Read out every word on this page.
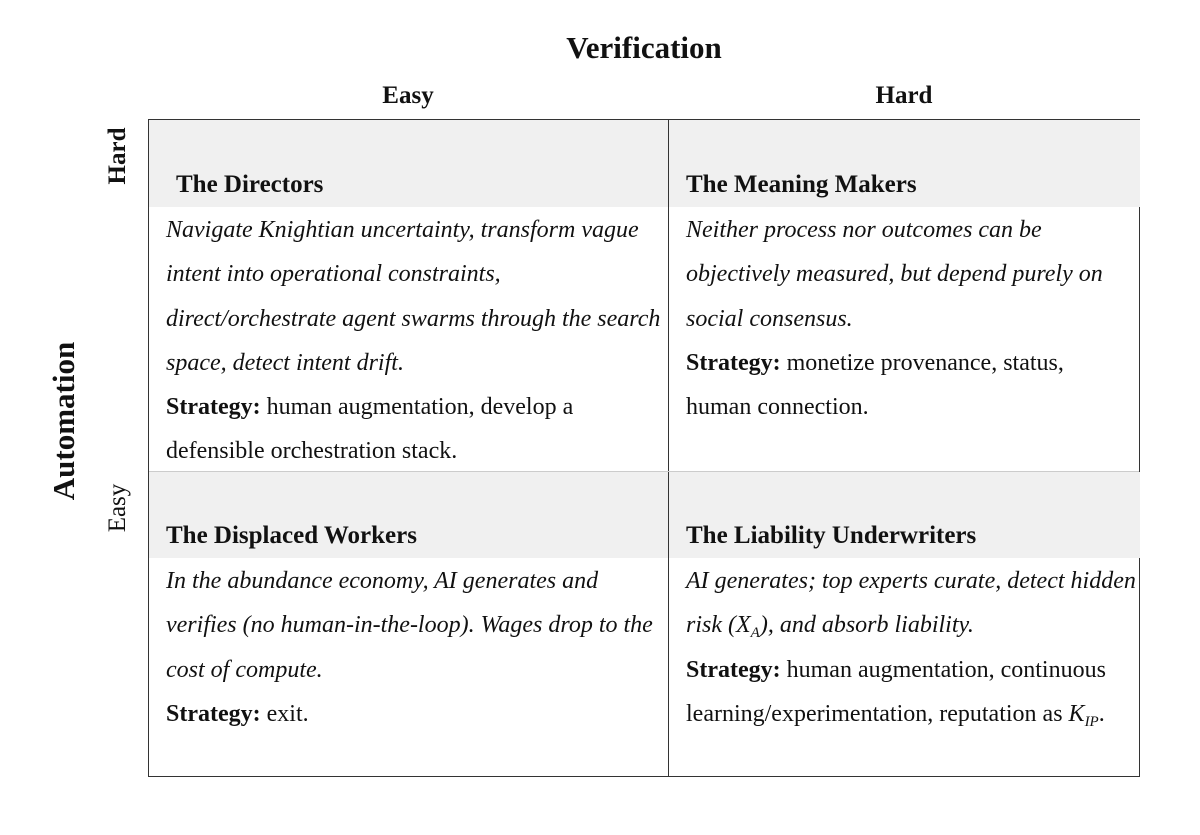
Verification
Easy	Hard
Automation
Hard
Easy
The Directors
Navigate Knightian uncertainty, transform vague intent into operational constraints, direct/orchestrate agent swarms through the search space, detect intent drift.
Strategy: human augmentation, develop a defensible orchestration stack.
The Meaning Makers
Neither process nor outcomes can be objectively measured, but depend purely on social consensus.
Strategy: monetize provenance, status, human connection.
The Displaced Workers
In the abundance economy, AI generates and verifies (no human-in-the-loop). Wages drop to the cost of compute.
Strategy: exit.
The Liability Underwriters
AI generates; top experts curate, detect hidden risk $(X_A)$, and absorb liability.
Strategy: human augmentation, continuous learning/experimentation, reputation as $K_{IP}$.
